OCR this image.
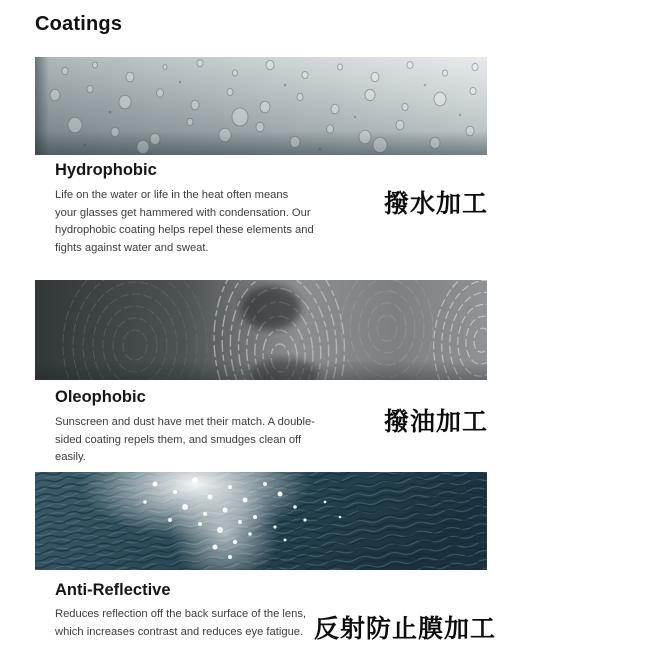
Coatings
Hydrophobic
Life on the water or life in the heat often means
your glasses get hammered with condensation. Our
hydrophobic coating helps repel these elements and
fights against water and sweat.
撥水加工
Oleophobic
Sunscreen and dust have met their match. A double-
sided coating repels them, and smudges clean off
easily.
撥油加工
Anti-Reflective
Reduces reflection off the back surface of the lens,
which increases contrast and reduces eye fatigue. 反射防止膜加工
